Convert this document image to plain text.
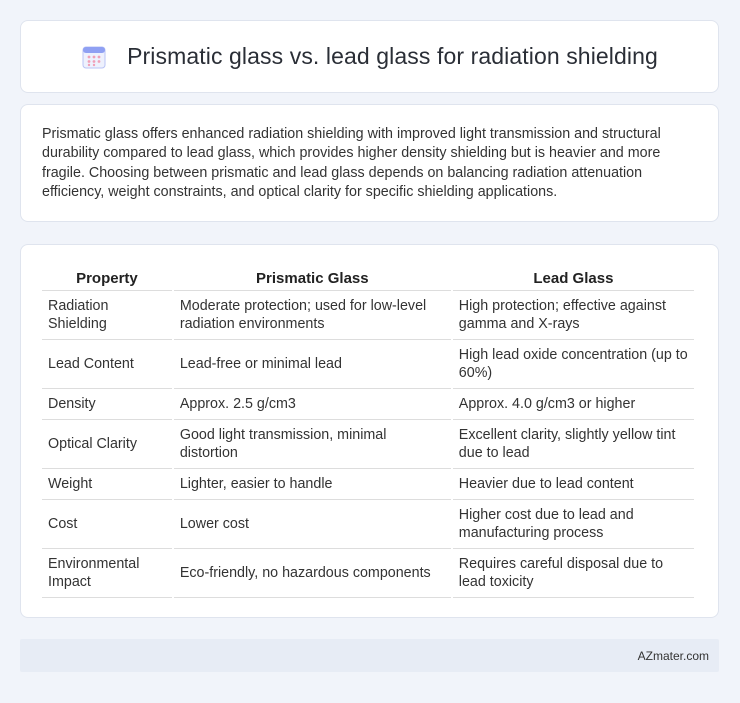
Prismatic glass vs. lead glass for radiation shielding

Prismatic glass offers enhanced radiation shielding with improved light transmission and structural durability compared to lead glass, which provides higher density shielding but is heavier and more fragile. Choosing between prismatic and lead glass depends on balancing radiation attenuation efficiency, weight constraints, and optical clarity for specific shielding applications.

Property	Prismatic Glass	Lead Glass
Radiation Shielding	Moderate protection; used for low-level radiation environments	High protection; effective against gamma and X-rays
Lead Content	Lead-free or minimal lead	High lead oxide concentration (up to 60%)
Density	Approx. 2.5 g/cm3	Approx. 4.0 g/cm3 or higher
Optical Clarity	Good light transmission, minimal distortion	Excellent clarity, slightly yellow tint due to lead
Weight	Lighter, easier to handle	Heavier due to lead content
Cost	Lower cost	Higher cost due to lead and manufacturing process
Environmental Impact	Eco-friendly, no hazardous components	Requires careful disposal due to lead toxicity
AZmater.com
